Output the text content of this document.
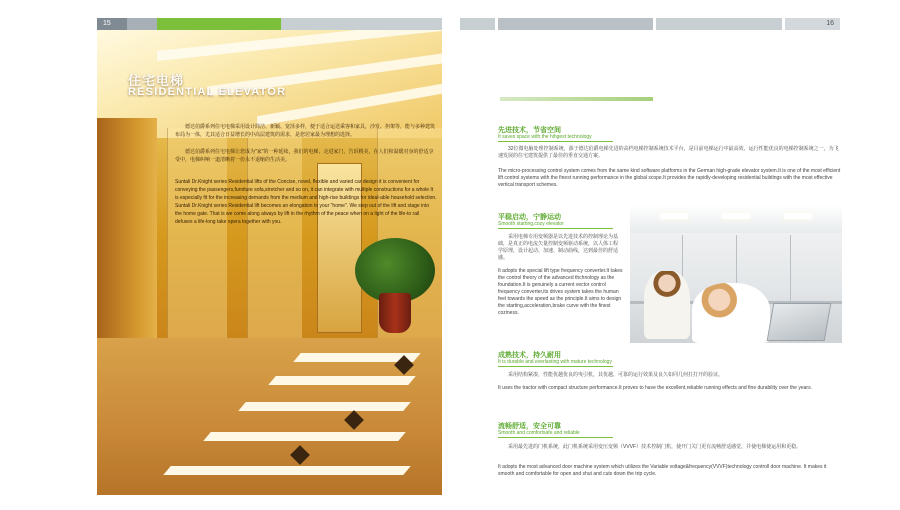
15
住宅电梯
RESIDENTIAL ELEVATOR
　　德达伯爵系列住宅电梯采用设计简洁、新颖、宽泽多样，便于适合运送乘客和家具，沙发、担架等，能与多种建筑布局为一体，尤其适合日益增长的中高层建筑的需求，是您居家最为理想的选择。
　　德达伯爵系列住宅电梯让您成为"家"的一种延续，我们的电梯，走进家门，告诉精美，在人们和温暖对身的舒适享受中，电梯纠响一道清晰着一份永不退缩的生活美。
Suntali Dr.Knight series Residential lifts of the Concise, novel, flexible and varied car design it is convenient for conveying the passengers,furniture sofa,stretcher and so on, it can integrate with multiple constructions for a whole It is especially fit for the increasing demands from the medium and high-rise buildings for ideal-able household selection.
Suntali Dr.Knight series Residential lift becomes an elongation to your "home". We step out of the lift and stage into the home gate. That is we come along always by lift in the rhythm of the peace when on a light of the life-to rail defuses a life-long take opera together with you.
16
先进技术，节省空间
It saves space with the hihgest technology
　　32位微电脑处理控制系统，源于德达伯爵电梯先进的高档电梯控制系统技术平台，是目前电梯运行中最高效、运行性能优良的电梯控制系统之一，为飞速发展的住宅建筑提供了最佳的垂直交通方案。
The micro-processing control system comes from the same kind software platforms in the German high-grade elevator system.It is one of the most efficient lift control systems with the finest running performance in the global scope.It provides the rapidly-developing residential buildings with the most effective vertical transport schemes.
平稳启动，宁静运动
Smooth starting,cozy elevator
　　采用电梯专用变频器是以先进技术的控制理论为基础，是真正的电流矢量控制变频驱动系统，以人体工程学原理，设计起动、加速、制动曲线，达到最佳的舒适感。
It adopts the special lift type frequency converter.It takes the control theory of the advanced thchnology as the foundation.It is genuinely a current vector control frequency converter,its drives system takes the human feel towards the speed as the principle.It aims to design the starting,acceleration,brake curve with the finest coziness.
成熟技术，持久耐用
It is durable and everlasting with mature technology
　　采用结构紧凑，性能优越优良的曳引机，其优越、可靠的运行效果及良久如同几何打打开的验证。
It uses the tractor with compact structure performance.It proves to have the excellent,reliable running effects and fine durability over the years.
流畅舒适，安全可靠
Smooth and comfortsafe and reliable
　　采用最先进的门机系统，此门机系统采用变压变频（VVVF）技术控制门机，使开门关门更有流畅舒适感觉，并使电梯使运用和更稳。
It adopts the most advanced door machine system which utilizes the Variable voltage&frequency(VVVF)technology controll door machine. It makes it smooth and comfortable for open and shut and cuts down the trip cycle.
